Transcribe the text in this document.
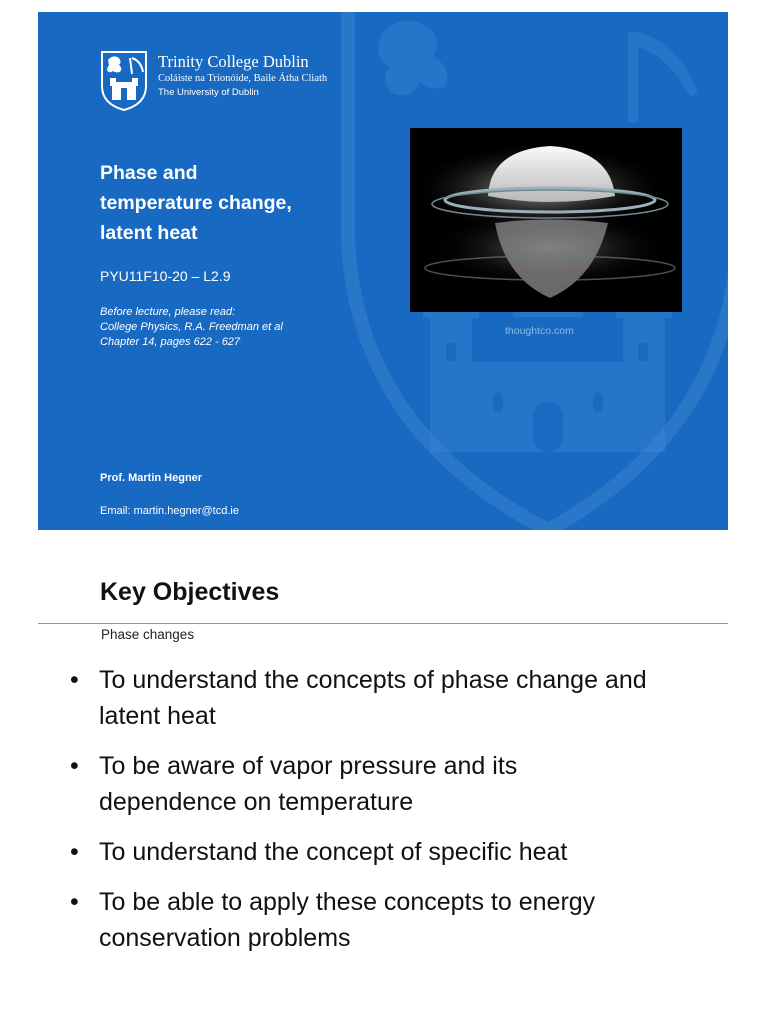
Trinity College Dublin
Coláiste na Tríonóide, Baile Átha Cliath
The University of Dublin
Phase and
temperature change,
latent heat
PYU11F10-20 – L2.9
Before lecture, please read:
College Physics, R.A. Freedman et al
Chapter 14, pages 622 - 627
thoughtco.com
Prof. Martin Hegner
Email: martin.hegner@tcd.ie
Key Objectives
Phase changes
• To understand the concepts of phase change and
latent heat
• To be aware of vapor pressure and its
dependence on temperature
• To understand the concept of specific heat
• To be able to apply these concepts to energy
conservation problems
